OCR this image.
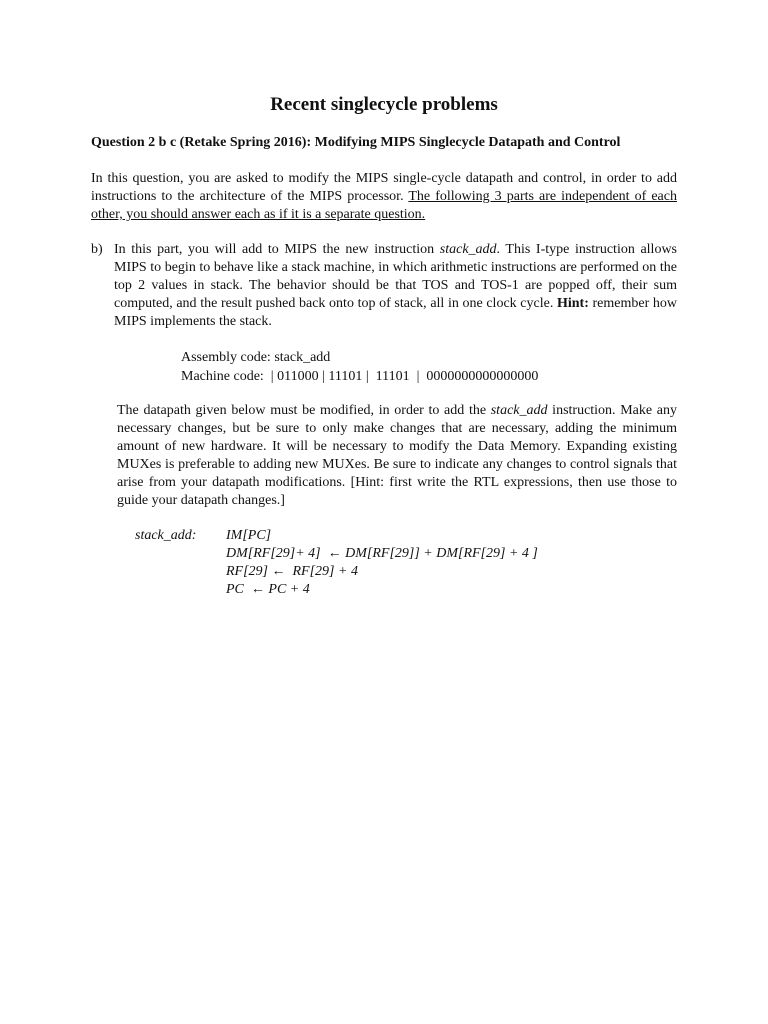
Recent singlecycle problems
Question 2 b c (Retake Spring 2016): Modifying MIPS Singlecycle Datapath and Control
In this question, you are asked to modify the MIPS single-cycle datapath and control, in order to add instructions to the architecture of the MIPS processor. The following 3 parts are independent of each other, you should answer each as if it is a separate question.
b) In this part, you will add to MIPS the new instruction stack_add. This I-type instruction allows MIPS to begin to behave like a stack machine, in which arithmetic instructions are performed on the top 2 values in stack. The behavior should be that TOS and TOS-1 are popped off, their sum computed, and the result pushed back onto top of stack, all in one clock cycle. Hint: remember how MIPS implements the stack.
Assembly code: stack_add
Machine code:  | 011000 | 11101 |  11101  |  0000000000000000
The datapath given below must be modified, in order to add the stack_add instruction. Make any necessary changes, but be sure to only make changes that are necessary, adding the minimum amount of new hardware. It will be necessary to modify the Data Memory. Expanding existing MUXes is preferable to adding new MUXes. Be sure to indicate any changes to control signals that arise from your datapath modifications. [Hint: first write the RTL expressions, then use those to guide your datapath changes.]
stack_add: IM[PC]
DM[RF[29]+ 4]  ← DM[RF[29]] + DM[RF[29] + 4 ]
RF[29] ←  RF[29] + 4
PC  ← PC + 4
